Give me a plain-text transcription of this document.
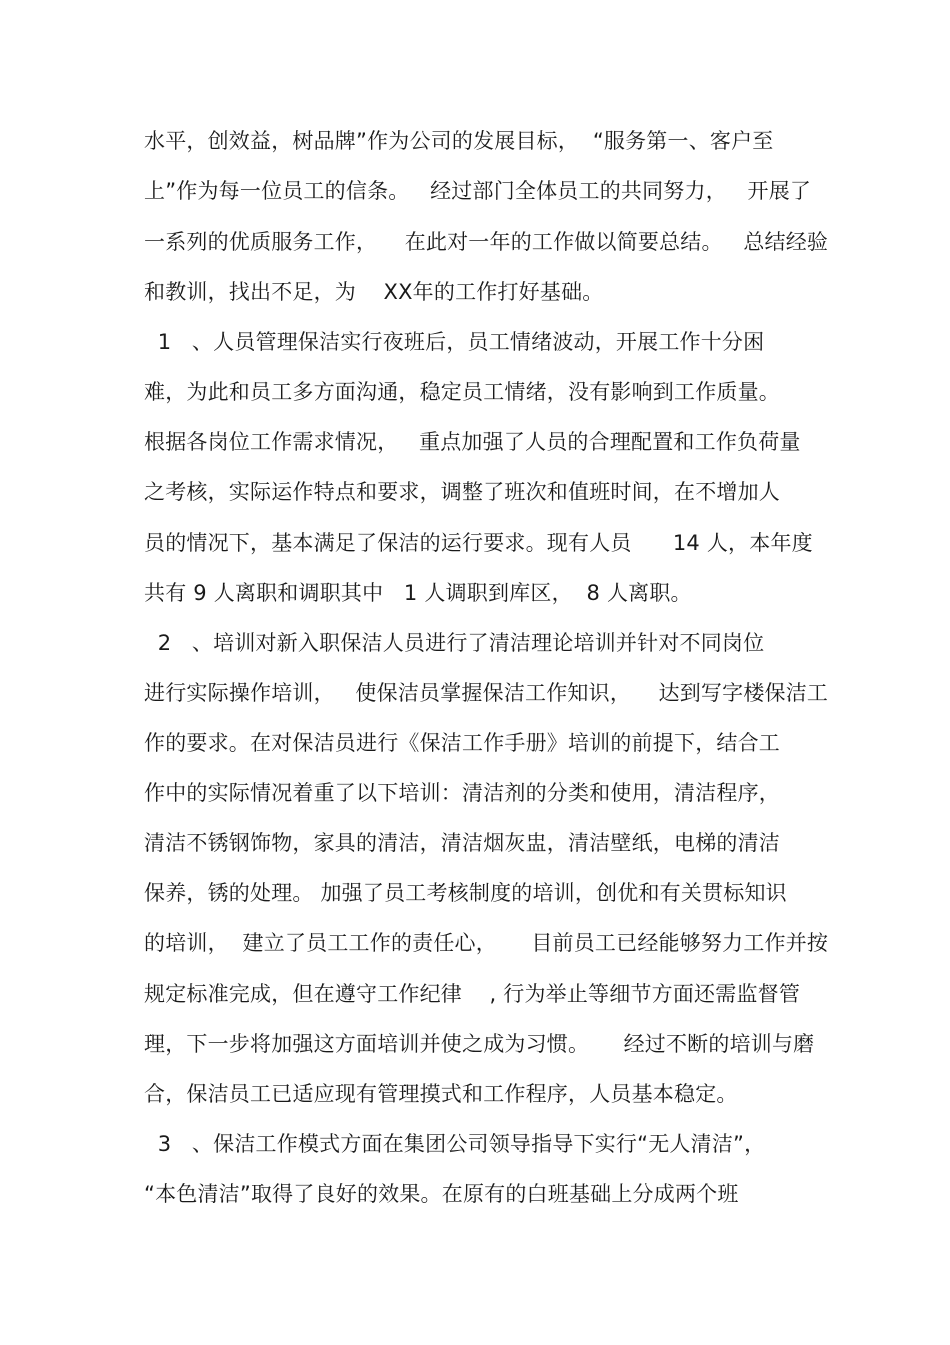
水平，创效益，树品牌”作为公司的发展目标，  “服务第一、客户至
上”作为每一位员工的信条。   经过部门全体员工的共同努力，   开展了
一系列的优质服务工作，    在此对一年的工作做以简要总结。   总结经验
和教训，找出不足，为    XX年的工作打好基础。
1   、人员管理保洁实行夜班后，员工情绪波动，开展工作十分困
难，为此和员工多方面沟通，稳定员工情绪，没有影响到工作质量。
根据各岗位工作需求情况，   重点加强了人员的合理配置和工作负荷量
之考核，实际运作特点和要求，调整了班次和值班时间，在不增加人
员的情况下，基本满足了保洁的运行要求。现有人员      14 人，本年度
共有 9 人离职和调职其中   1 人调职到库区，  8 人离职。
2   、培训对新入职保洁人员进行了清洁理论培训并针对不同岗位
进行实际操作培训，   使保洁员掌握保洁工作知识，    达到写字楼保洁工
作的要求。在对保洁员进行《保洁工作手册》培训的前提下，结合工
作中的实际情况着重了以下培训：清洁剂的分类和使用，清洁程序，
清洁不锈钢饰物，家具的清洁，清洁烟灰盅，清洁壁纸，电梯的清洁
保养，锈的处理。 加强了员工考核制度的培训，创优和有关贯标知识
的培训，  建立了员工工作的责任心，     目前员工已经能够努力工作并按
规定标准完成，但在遵守工作纪律    , 行为举止等细节方面还需监督管
理，下一步将加强这方面培训并使之成为习惯。     经过不断的培训与磨
合，保洁员工已适应现有管理摸式和工作程序，人员基本稳定。
3   、保洁工作模式方面在集团公司领导指导下实行“无人清洁”，
“本色清洁”取得了良好的效果。在原有的白班基础上分成两个班
